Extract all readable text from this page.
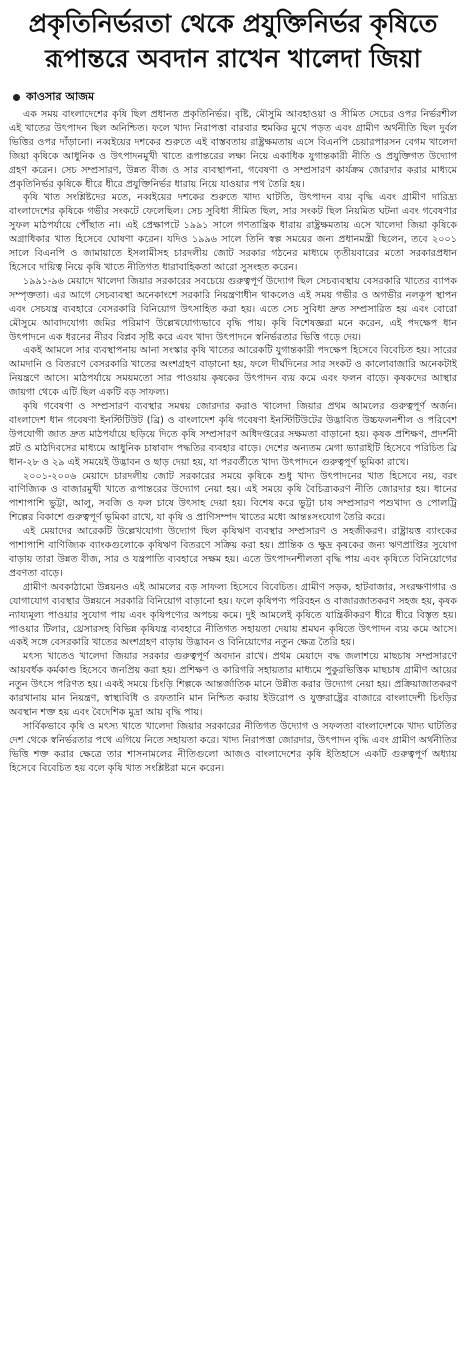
প্রকৃতিনির্ভরতা থেকে প্রযুক্তিনির্ভর কৃষিতে রূপান্তরে অবদান রাখেন খালেদা জিয়া
কাওসার আজম

এক সময় বাংলাদেশের কৃষি ছিল প্রধানত প্রকৃতিনির্ভর। বৃষ্টি, মৌসুমি আবহাওয়া ও সীমিত সেচের ওপর নির্ভরশীল এই খাতের উৎপাদন ছিল অনিশ্চিত। ফলে খাদ্য নিরাপত্তা বারবার হুমকির মুখে পড়ত এবং গ্রামীণ অর্থনীতি ছিল দুর্বল ভিত্তির ওপর দাঁড়ানো। নব্বইয়ের দশকের শুরুতে এই বাস্তবতায় রাষ্ট্রক্ষমতায় এসে বিএনপি চেয়ারপারসন বেগম খালেদা জিয়া কৃষিকে আধুনিক ও উৎপাদনমুখী খাতে রূপান্তরের লক্ষ্য নিয়ে একাধিক যুগান্তকারী নীতি ও প্রযুক্তিগত উদ্যোগ গ্রহণ করেন। সেচ সম্প্রসারণ, উন্নত বীজ ও সার ব্যবস্থাপনা, গবেষণা ও সম্প্রসারণ কার্যক্রম জোরদার করার মাধ্যমে প্রকৃতিনির্ভর কৃষিকে ধীরে ধীরে প্রযুক্তিনির্ভর ধারায় নিয়ে যাওয়ার পথ তৈরি হয়।

কৃষি খাত সংশ্লিষ্টদের মতে, নব্বইয়ের দশকের শুরুতে খাদ্য ঘাটতি, উৎপাদন ব্যয় বৃদ্ধি এবং গ্রামীণ দারিদ্র্য বাংলাদেশের কৃষিকে গভীর সংকটে ফেলেছিল। সেচ সুবিধা সীমিত ছিল, সার সংকট ছিল নিয়মিত ঘটনা এবং গবেষণার সুফল মাঠপর্যায়ে পৌঁছাত না। এই প্রেক্ষাপটে ১৯৯১ সালে গণতান্ত্রিক ধারায় রাষ্ট্রক্ষমতায় এসে খালেদা জিয়া কৃষিকে অগ্রাধিকার খাত হিসেবে ঘোষণা করেন। যদিও ১৯৯৬ সালে তিনি স্বল্প সময়ের জন্য প্রধানমন্ত্রী ছিলেন, তবে ২০০১ সালে বিএনপি ও জামায়াতে ইসলামীসহ চারদলীয় জোট সরকার গঠনের মাধ্যমে তৃতীয়বারের মতো সরকারপ্রধান হিসেবে দায়িত্ব নিয়ে কৃষি খাতে নীতিগত ধারাবাহিকতা আরো সুসংহত করেন।

১৯৯১-৯৬ মেয়াদে খালেদা জিয়ার সরকারের সবচেয়ে গুরুত্বপূর্ণ উদ্যোগ ছিল সেচব্যবস্থায় বেসরকারি খাতের ব্যাপক সম্পৃক্ততা। এর আগে সেচব্যবস্থা অনেকাংশে সরকারি নিয়ন্ত্রণাধীন থাকলেও এই সময় গভীর ও অগভীর নলকূপ স্থাপন এবং সেচযন্ত্র ব্যবহারে বেসরকারি বিনিয়োগ উৎসাহিত করা হয়। এতে সেচ সুবিধা দ্রুত সম্প্রসারিত হয় এবং বোরো মৌসুমে আবাদযোগ্য জমির পরিমাণ উল্লেখযোগ্যভাবে বৃদ্ধি পায়। কৃষি বিশেষজ্ঞরা মনে করেন, এই পদক্ষেপ ধান উৎপাদনে এক ধরনের নীরব বিপ্লব সৃষ্টি করে এবং খাদ্য উৎপাদনে স্বনির্ভরতার ভিত্তি গড়ে দেয়।

একই আমলে সার ব্যবস্থাপনায় আনা সংস্কার কৃষি খাতের আরেকটি যুগান্তকারী পদক্ষেপ হিসেবে বিবেচিত হয়। সারের আমদানি ও বিতরণে বেসরকারি খাতের অংশগ্রহণ বাড়ানো হয়, ফলে দীর্ঘদিনের সার সংকট ও কালোবাজারি অনেকটাই নিয়ন্ত্রণে আসে। মাঠপর্যায়ে সময়মতো সার পাওয়ায় কৃষকের উৎপাদন ব্যয় কমে এবং ফলন বাড়ে। কৃষকদের আস্থার জায়গা থেকে এটি ছিল একটি বড় সাফল্য।

কৃষি গবেষণা ও সম্প্রসারণ ব্যবস্থার সমন্বয় জোরদার করাও খালেদা জিয়ার প্রথম আমলের গুরুত্বপূর্ণ অর্জন। বাংলাদেশ ধান গবেষণা ইনস্টিটিউট (ব্রি) ও বাংলাদেশ কৃষি গবেষণা ইনস্টিটিউটের উদ্ভাবিত উচ্চফলনশীল ও পরিবেশ উপযোগী জাত দ্রুত মাঠপর্যায়ে ছড়িয়ে দিতে কৃষি সম্প্রসারণ অধিদপ্তরের সক্ষমতা বাড়ানো হয়। কৃষক প্রশিক্ষণ, প্রদর্শনী প্লট ও মাঠদিবসের মাধ্যমে আধুনিক চাষাবাদ পদ্ধতির ব্যবহার বাড়ে। দেশের অন্যতম মেগা ভ্যারাইটি হিসেবে পরিচিত ব্রি ধান-২৮ ও ২৯ এই সময়েই উদ্ভাবন ও ছাড় দেয়া হয়, যা পরবর্তীতে খাদ্য উৎপাদনে গুরুত্বপূর্ণ ভূমিকা রাখে।

২০০১-২০০৬ মেয়াদে চারদলীয় জোট সরকারের সময়ে কৃষিকে শুধু খাদ্য উৎপাদনের খাত হিসেবে নয়, বরং বাণিজ্যিক ও বাজারমুখী খাতে রূপান্তরের উদ্যোগ নেয়া হয়। এই সময়ে কৃষি বৈচিত্র্যকরণ নীতি জোরদার হয়। ধানের পাশাপাশি ভুট্টা, আলু, সবজি ও ফল চাষে উৎসাহ দেয়া হয়। বিশেষ করে ভুট্টা চাষ সম্প্রসারণ পশুখাদ্য ও পোলট্রি শিল্পের বিকাশে গুরুত্বপূর্ণ ভূমিকা রাখে, যা কৃষি ও প্রাণিসম্পদ খাতের মধ্যে আন্তঃসংযোগ তৈরি করে।

এই মেয়াদের আরেকটি উল্লেখযোগ্য উদ্যোগ ছিল কৃষিঋণ ব্যবস্থার সম্প্রসারণ ও সহজীকরণ। রাষ্ট্রায়ত্ত ব্যাংকের পাশাপাশি বাণিজ্যিক ব্যাংকগুলোকে কৃষিঋণ বিতরণে সক্রিয় করা হয়। প্রান্তিক ও ক্ষুদ্র কৃষকের জন্য ঋণপ্রাপ্তির সুযোগ বাড়ায় তারা উন্নত বীজ, সার ও যন্ত্রপাতি ব্যবহারে সক্ষম হয়। এতে উৎপাদনশীলতা বৃদ্ধি পায় এবং কৃষিতে বিনিয়োগের প্রবণতা বাড়ে।

গ্রামীণ অবকাঠামো উন্নয়নও এই আমলের বড় সাফল্য হিসেবে বিবেচিত। গ্রামীণ সড়ক, হাটবাজার, সংরক্ষণাগার ও যোগাযোগ ব্যবস্থার উন্নয়নে সরকারি বিনিয়োগ বাড়ানো হয়। ফলে কৃষিপণ্য পরিবহন ও বাজারজাতকরণ সহজ হয়, কৃষক ন্যায্যমূল্য পাওয়ার সুযোগ পায় এবং কৃষিপণ্যের অপচয় কমে। দুই আমলেই কৃষিতে যান্ত্রিকীকরণ ধীরে ধীরে বিস্তৃত হয়। পাওয়ার টিলার, থ্রেসারসহ বিভিন্ন কৃষিযন্ত্র ব্যবহারে নীতিগত সহায়তা দেয়ায় শ্রমঘন কৃষিতে উৎপাদন ব্যয় কমে আসে। একই সঙ্গে বেসরকারি খাতের অংশগ্রহণ বাড়ায় উদ্ভাবন ও বিনিয়োগের নতুন ক্ষেত্র তৈরি হয়।

মৎস্য খাতেও খালেদা জিয়ার সরকার গুরুত্বপূর্ণ অবদান রাখে। প্রথম মেয়াদে বদ্ধ জলাশয়ে মাছচাষ সম্প্রসারণে আয়বর্ধক কর্মকাণ্ড হিসেবে জনপ্রিয় করা হয়। প্রশিক্ষণ ও কারিগরি সহায়তার মাধ্যমে পুকুরভিত্তিক মাছচাষ গ্রামীণ আয়ের নতুন উৎসে পরিণত হয়। একই সময়ে চিংড়ি শিল্পকে আন্তর্জাতিক মানে উন্নীত করার উদ্যোগ নেয়া হয়। প্রক্রিয়াজাতকরণ কারখানায় মান নিয়ন্ত্রণ, স্বাস্থ্যবিধি ও রফতানি মান নিশ্চিত করায় ইউরোপ ও যুক্তরাষ্ট্রের বাজারে বাংলাদেশী চিংড়ির অবস্থান শক্ত হয় এবং বৈদেশিক মুদ্রা আয় বৃদ্ধি পায়।

সার্বিকভাবে কৃষি ও মৎস্য খাতে খালেদা জিয়ার সরকারের নীতিগত উদ্যোগ ও সফলতা বাংলাদেশকে খাদ্য ঘাটতির দেশ থেকে স্বনির্ভরতার পথে এগিয়ে নিতে সহায়তা করে। খাদ্য নিরাপত্তা জোরদার, উৎপাদন বৃদ্ধি এবং গ্রামীণ অর্থনীতির ভিত্তি শক্ত করার ক্ষেত্রে তার শাসনামলের নীতিগুলো আজও বাংলাদেশের কৃষি ইতিহাসে একটি গুরুত্বপূর্ণ অধ্যায় হিসেবে বিবেচিত হয় বলে কৃষি খাত সংশ্লিষ্টরা মনে করেন।
